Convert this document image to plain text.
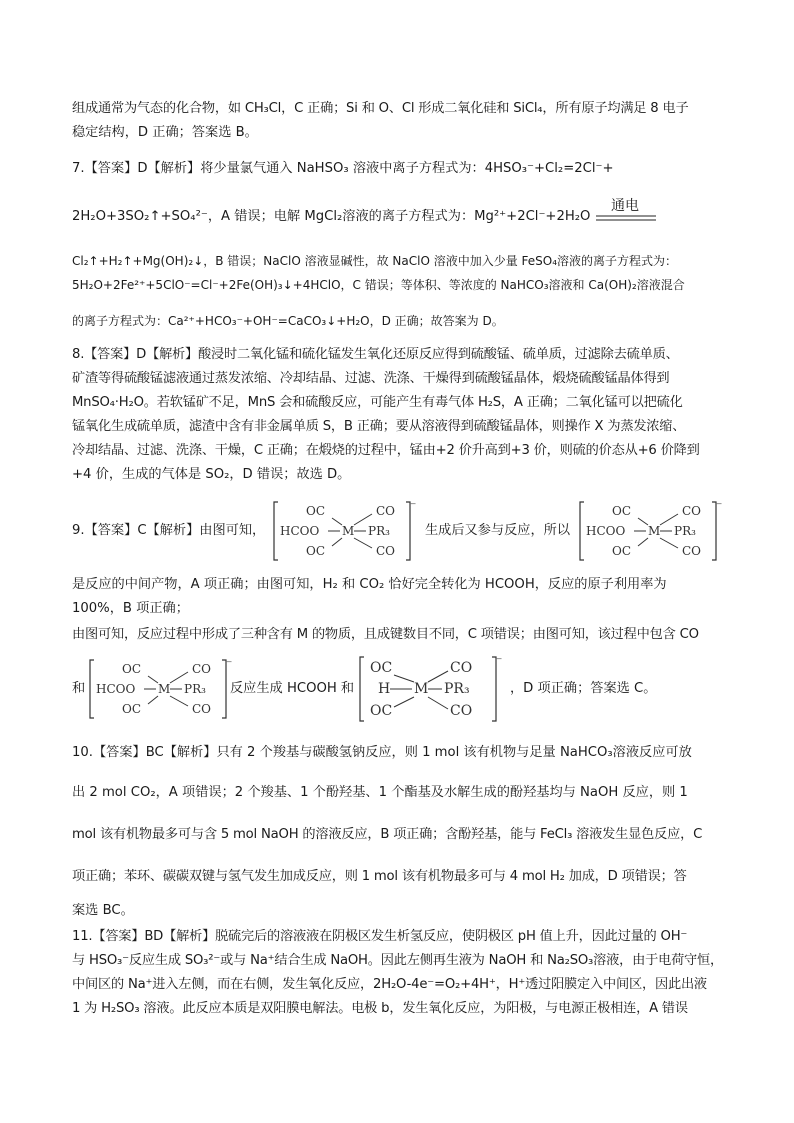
组成通常为气态的化合物，如 CH₃Cl，C 正确；Si 和 O、Cl 形成二氧化硅和 SiCl₄，所有原子均满足 8 电子
稳定结构，D 正确；答案选 B。
7.【答案】D【解析】将少量氯气通入 NaHSO₃ 溶液中离子方程式为：4HSO₃⁻+Cl₂=2Cl⁻+
2H₂O+3SO₂↑+SO₄²⁻，A 错误；电解 MgCl₂溶液的离子方程式为：Mg²⁺+2Cl⁻+2H₂O
通电
Cl₂↑+H₂↑+Mg(OH)₂↓，B 错误；NaClO 溶液显碱性，故 NaClO 溶液中加入少量 FeSO₄溶液的离子方程式为：
5H₂O+2Fe²⁺+5ClO⁻=Cl⁻+2Fe(OH)₃↓+4HClO，C 错误；等体积、等浓度的 NaHCO₃溶液和 Ca(OH)₂溶液混合
的离子方程式为：Ca²⁺+HCO₃⁻+OH⁻=CaCO₃↓+H₂O，D 正确；故答案为 D。
8.【答案】D【解析】酸浸时二氧化锰和硫化锰发生氧化还原反应得到硫酸锰、硫单质，过滤除去硫单质、
矿渣等得硫酸锰滤液通过蒸发浓缩、冷却结晶、过滤、洗涤、干燥得到硫酸锰晶体，煅烧硫酸锰晶体得到
MnSO₄·H₂O。若软锰矿不足，MnS 会和硫酸反应，可能产生有毒气体 H₂S，A 正确；二氧化锰可以把硫化
锰氧化生成硫单质，滤渣中含有非金属单质 S，B 正确；要从溶液得到硫酸锰晶体，则操作 X 为蒸发浓缩、
冷却结晶、过滤、洗涤、干燥，C 正确；在煅烧的过程中，锰由+2 价升高到+3 价，则硫的价态从+6 价降到
+4 价，生成的气体是 SO₂，D 错误；故选 D。
9.【答案】C【解析】由图可知，
OC
HCOO
OC
M
CO
PR₃
CO
⁻
生成后又参与反应，所以
OC
HCOO
OC
M
CO
PR₃
CO
⁻
是反应的中间产物，A 项正确；由图可知，H₂ 和 CO₂ 恰好完全转化为 HCOOH，反应的原子利用率为
100%，B 项正确；
由图可知，反应过程中形成了三种含有 M 的物质，且成键数目不同，C 项错误；由图可知，该过程中包含 CO
和
OC
HCOO
OC
M
CO
PR₃
CO
⁻
反应生成 HCOOH 和
OC
H
OC
M
CO
PR₃
CO
⁻
，D 项正确；答案选 C。
10.【答案】BC【解析】只有 2 个羧基与碳酸氢钠反应，则 1 mol 该有机物与足量 NaHCO₃溶液反应可放
出 2 mol CO₂，A 项错误；2 个羧基、1 个酚羟基、1 个酯基及水解生成的酚羟基均与 NaOH 反应，则 1
mol 该有机物最多可与含 5 mol NaOH 的溶液反应，B 项正确；含酚羟基，能与 FeCl₃ 溶液发生显色反应，C
项正确；苯环、碳碳双键与氢气发生加成反应，则 1 mol 该有机物最多可与 4 mol H₂ 加成，D 项错误；答
案选 BC。
11.【答案】BD【解析】脱硫完后的溶液液在阴极区发生析氢反应，使阴极区 pH 值上升，因此过量的 OH⁻
与 HSO₃⁻反应生成 SO₃²⁻或与 Na⁺结合生成 NaOH。因此左侧再生液为 NaOH 和 Na₂SO₃溶液，由于电荷守恒，
中间区的 Na⁺进入左侧，而在右侧，发生氧化反应，2H₂O-4e⁻=O₂+4H⁺，H⁺透过阳膜定入中间区，因此出液
1 为 H₂SO₃ 溶液。此反应本质是双阳膜电解法。电极 b，发生氧化反应，为阳极，与电源正极相连，A 错误
